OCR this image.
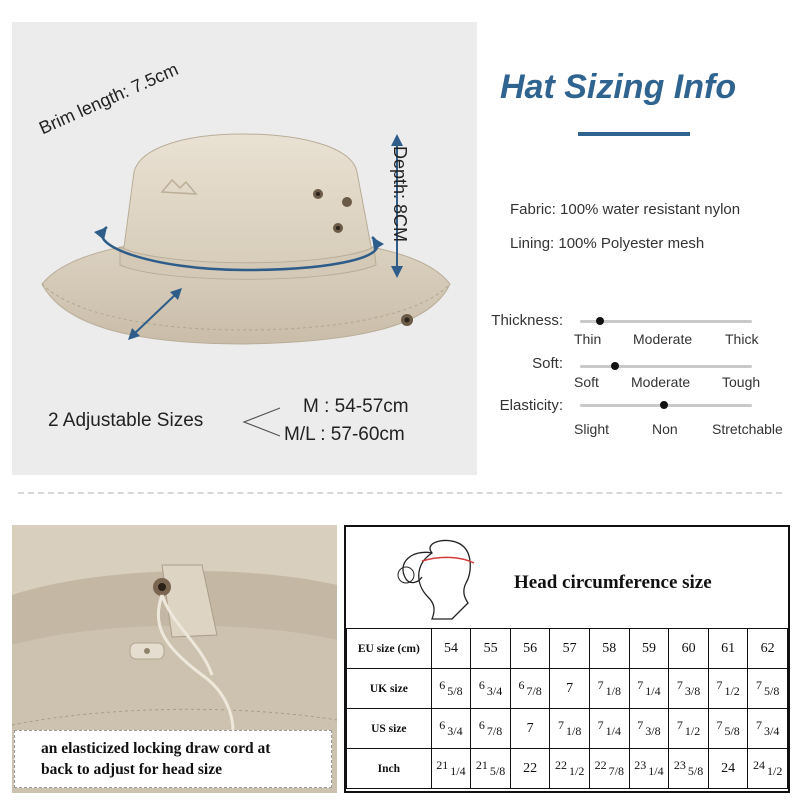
Brim length: 7.5cm
Depth: 8CM
2 Adjustable Sizes
M : 54-57cm
M/L : 57-60cm
Hat Sizing Info
Fabric: 100% water resistant nylon
Lining: 100% Polyester mesh
Thickness:
Thin Moderate Thick
Soft:
Soft Moderate Tough
Elasticity:
Slight	Non Stretchable
an elasticized locking draw cord at
back to adjust for head size
Head circumference size
EU size (cm)	54	55	56	57	58	59	60	61	62
UK size	6 5/8	6 3/4	6 7/8	7	7 1/8	7 1/4	7 3/8	7 1/2	7 5/8
US size	6 3/4	6 7/8	7	7 1/8	7 1/4	7 3/8	7 1/2	7 5/8	7 3/4
Inch	21 1/4	21 5/8	22	22 1/2	22 7/8	23 1/4	23 5/8	24	24 1/2
